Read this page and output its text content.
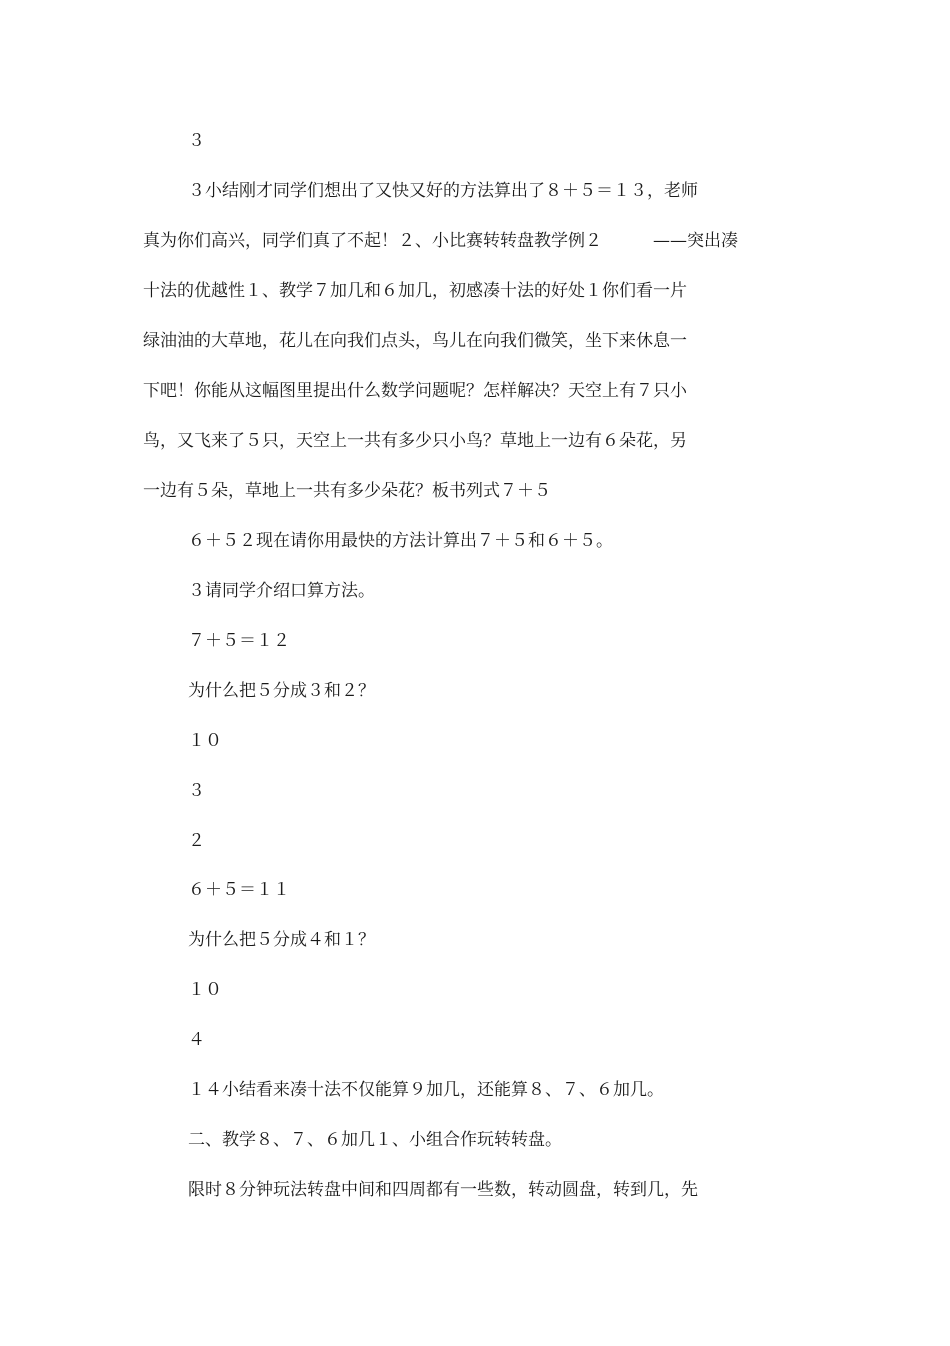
３
３小结刚才同学们想出了又快又好的方法算出了８＋５＝１３，老师
真为你们高兴，同学们真了不起！２、小比赛转转盘教学例２　　　——突出凑
十法的优越性１、教学７加几和６加几，初感凑十法的好处１你们看一片
绿油油的大草地，花儿在向我们点头，鸟儿在向我们微笑，坐下来休息一
下吧！你能从这幅图里提出什么数学问题呢？怎样解决？天空上有７只小
鸟，又飞来了５只，天空上一共有多少只小鸟？草地上一边有６朵花，另
一边有５朵，草地上一共有多少朵花？板书列式７＋５
６＋５２现在请你用最快的方法计算出７＋５和６＋５。
３请同学介绍口算方法。
７＋５＝１２
为什么把５分成３和２？
１０
３
２
６＋５＝１１
为什么把５分成４和１？
１０
４
１４小结看来凑十法不仅能算９加几，还能算８、７、６加几。
二、教学８、７、６加几１、小组合作玩转转盘。
限时８分钟玩法转盘中间和四周都有一些数，转动圆盘，转到几，先
